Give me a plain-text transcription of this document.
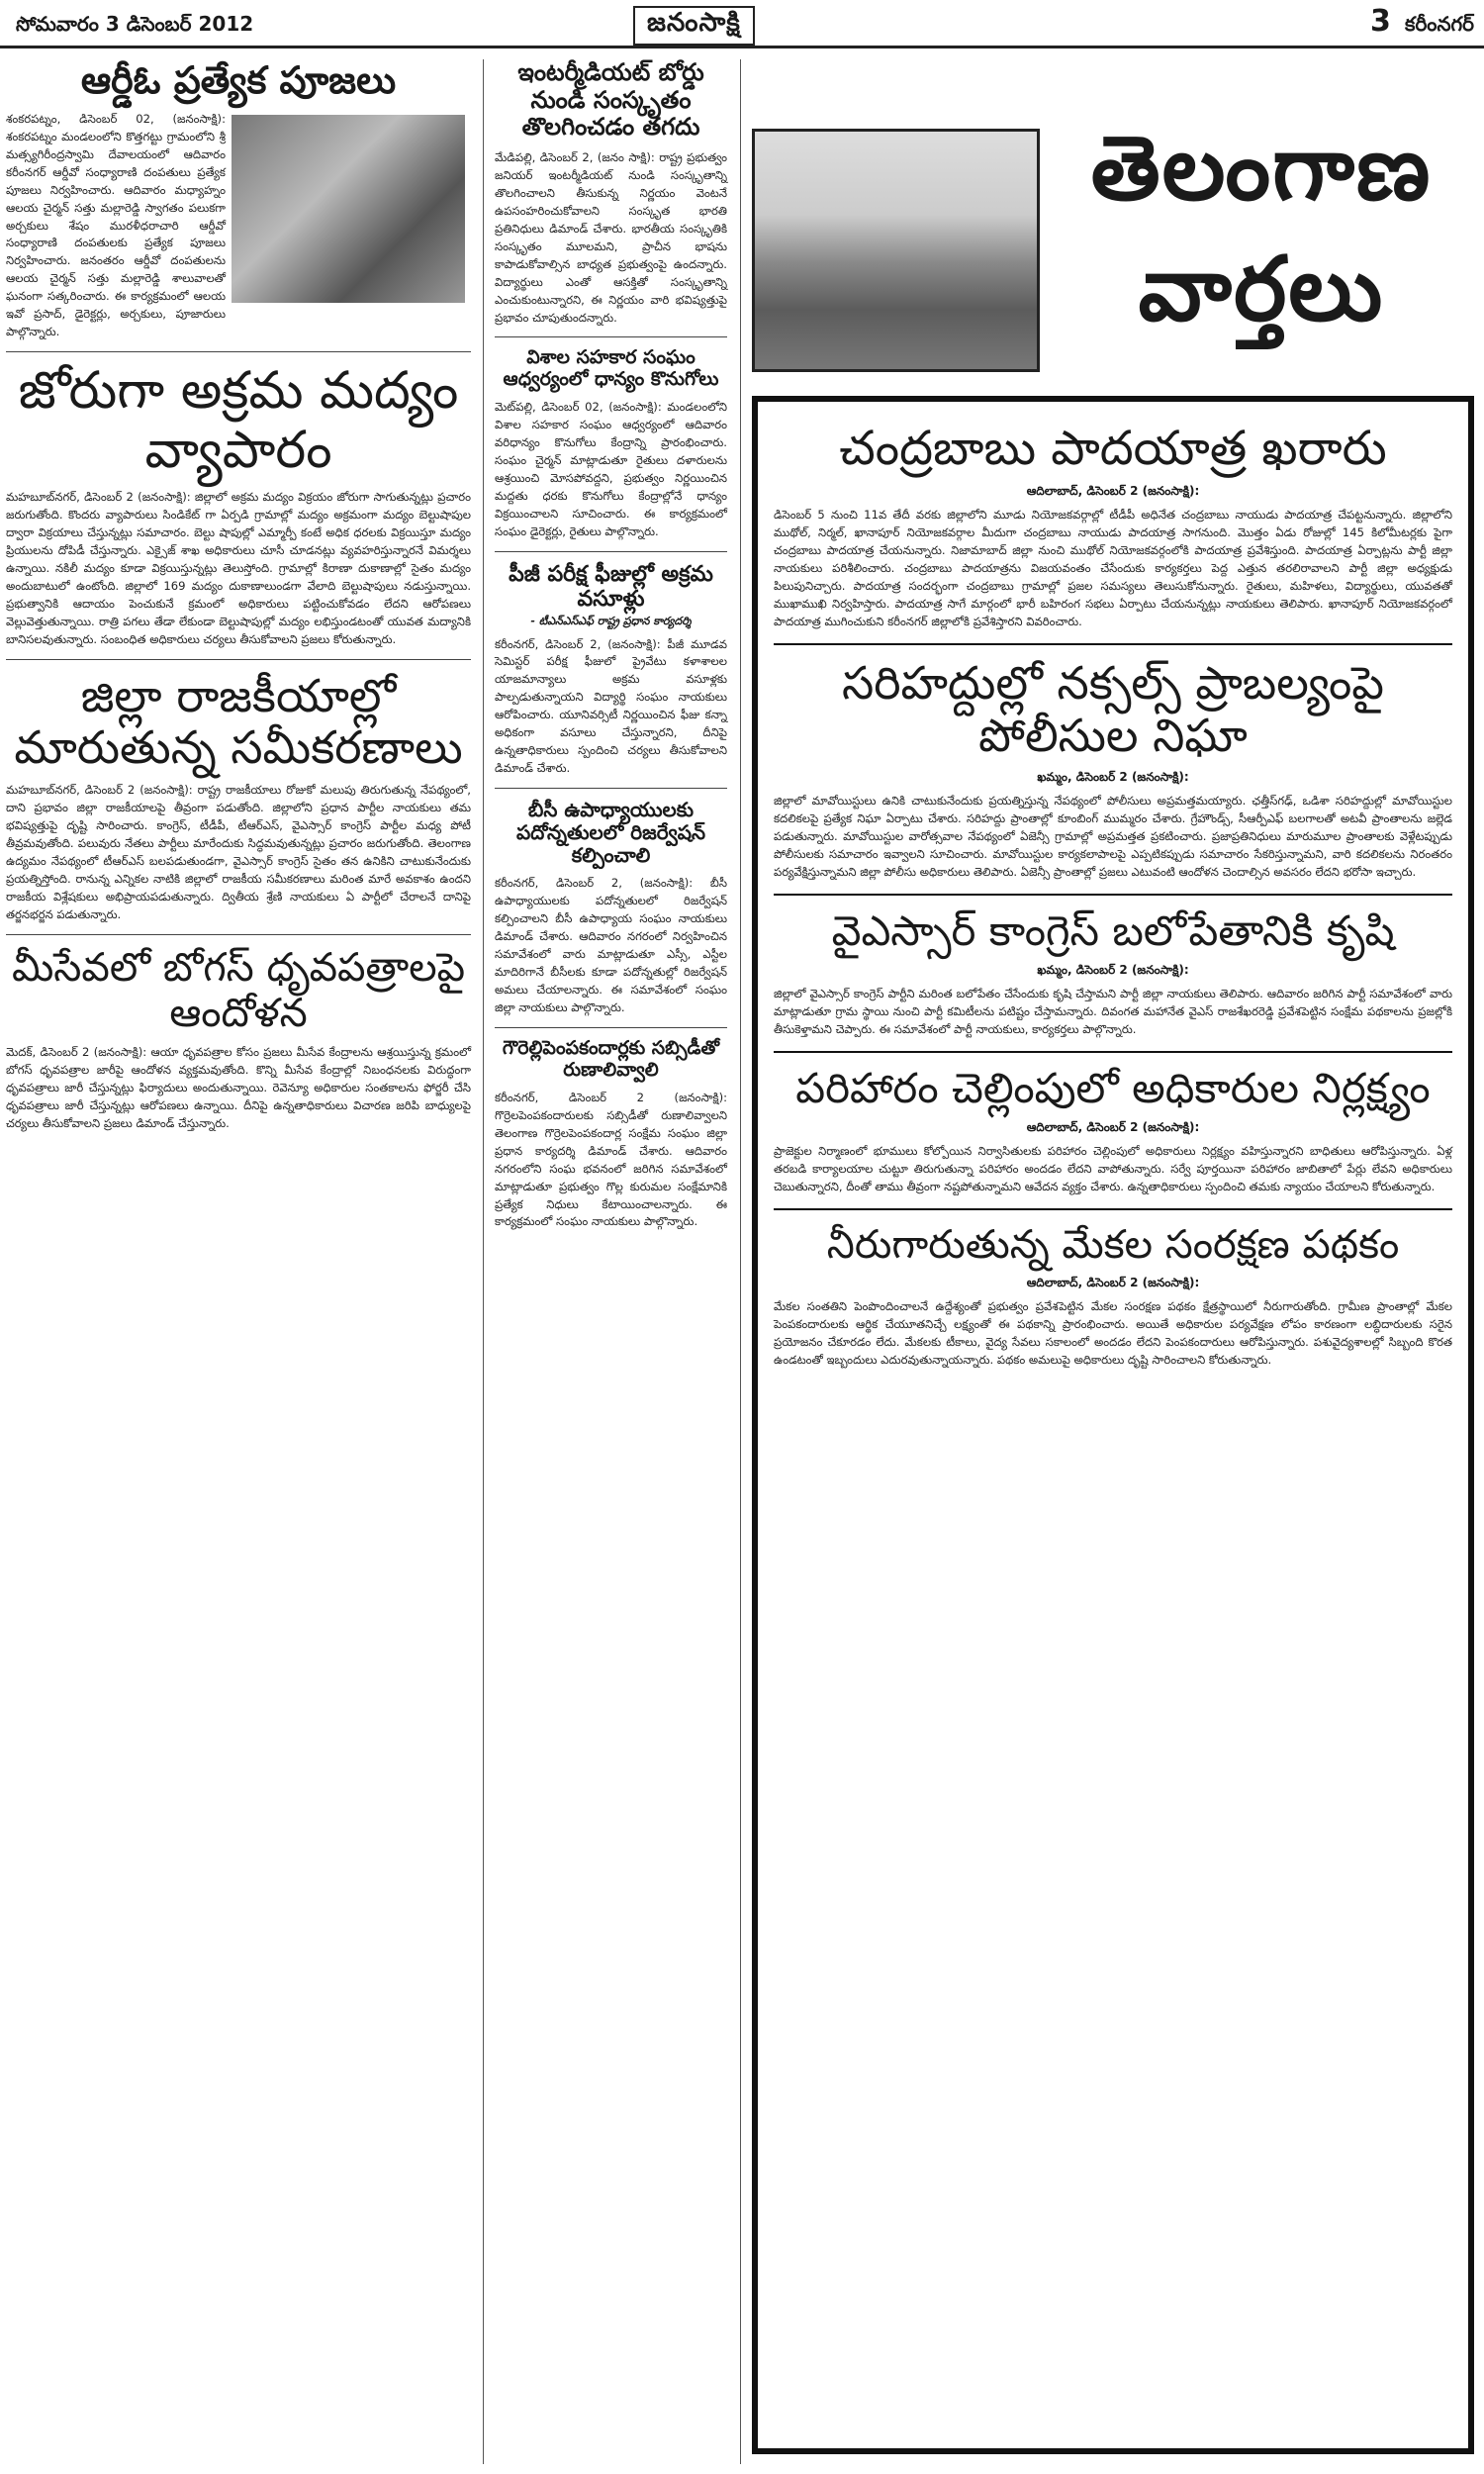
సోమవారం 3 డిసెంబర్ 2012	జనంసాక్షి	3 కరీంనగర్
ఆర్డీఓ ప్రత్యేక పూజలు

శంకరపట్నం, డిసెంబర్ 02, (జనంసాక్షి): శంకరపట్నం మండలంలోని కొత్తగట్టు గ్రామంలోని శ్రీ మత్స్యగిరీంద్రస్వామి దేవాలయంలో ఆదివారం కరీంనగర్ ఆర్డీవో సంధ్యారాణి దంపతులు ప్రత్యేక పూజలు నిర్వహించారు. ఆదివారం మధ్యాహ్నం ఆలయ చైర్మన్ సత్తు మల్లారెడ్డి స్వాగతం పలుకగా అర్చకులు శేషం మురళీధరాచారి ఆర్డీవో సంధ్యారాణి దంపతులకు ప్రత్యేక పూజలు నిర్వహించారు. జనంతరం ఆర్డీవో దంపతులను ఆలయ చైర్మన్ సత్తు మల్లారెడ్డి శాలువాలతో ఘనంగా సత్కరించారు. ఈ కార్యక్రమంలో ఆలయ ఇవో ప్రసాద్, డైరెక్టర్లు, అర్చకులు, పూజారులు పాల్గొన్నారు.

జోరుగా అక్రమ మద్యం వ్యాపారం

మహబూబ్‌నగర్, డిసెంబర్ 2 (జనంసాక్షి): జిల్లాలో అక్రమ మద్యం విక్రయం జోరుగా సాగుతున్నట్లు ప్రచారం జరుగుతోంది. కొందరు వ్యాపారులు సిండికేట్ గా ఏర్పడి గ్రామాల్లో మద్యం అక్రమంగా మద్యం బెల్టుషాపుల ద్వారా విక్రయాలు చేస్తున్నట్లు సమాచారం. బెల్టు షాపుల్లో ఎమ్మార్పీ కంటే అధిక ధరలకు విక్రయిస్తూ మద్యం ప్రియులను దోపిడీ చేస్తున్నారు. ఎక్సైజ్ శాఖ అధికారులు చూసీ చూడనట్లు వ్యవహరిస్తున్నారనే విమర్శలు ఉన్నాయి. నకిలీ మద్యం కూడా విక్రయిస్తున్నట్లు తెలుస్తోంది. గ్రామాల్లో కిరాణా దుకాణాల్లో సైతం మద్యం అందుబాటులో ఉంటోంది. జిల్లాలో 169 మద్యం దుకాణాలుండగా వేలాది బెల్టుషాపులు నడుస్తున్నాయి. ప్రభుత్వానికి ఆదాయం పెంచుకునే క్రమంలో అధికారులు పట్టించుకోవడం లేదని ఆరోపణలు వెల్లువెత్తుతున్నాయి. రాత్రి పగలు తేడా లేకుండా బెల్టుషాపుల్లో మద్యం లభిస్తుండటంతో యువత మద్యానికి బానిసలవుతున్నారు. సంబంధిత అధికారులు చర్యలు తీసుకోవాలని ప్రజలు కోరుతున్నారు.

జిల్లా రాజకీయాల్లో మారుతున్న సమీకరణాలు

మహబూబ్‌నగర్, డిసెంబర్ 2 (జనంసాక్షి): రాష్ట్ర రాజకీయాలు రోజుకో మలుపు తిరుగుతున్న నేపథ్యంలో, దాని ప్రభావం జిల్లా రాజకీయాలపై తీవ్రంగా పడుతోంది. జిల్లాలోని ప్రధాన పార్టీల నాయకులు తమ భవిష్యత్తుపై దృష్టి సారించారు. కాంగ్రెస్, టీడీపీ, టీఆర్‌ఎస్, వైఎస్సార్ కాంగ్రెస్ పార్టీల మధ్య పోటీ తీవ్రమవుతోంది. పలువురు నేతలు పార్టీలు మారేందుకు సిద్ధమవుతున్నట్లు ప్రచారం జరుగుతోంది. తెలంగాణ ఉద్యమం నేపథ్యంలో టీఆర్‌ఎస్ బలపడుతుండగా, వైఎస్సార్ కాంగ్రెస్ సైతం తన ఉనికిని చాటుకునేందుకు ప్రయత్నిస్తోంది. రానున్న ఎన్నికల నాటికి జిల్లాలో రాజకీయ సమీకరణాలు మరింత మారే అవకాశం ఉందని రాజకీయ విశ్లేషకులు అభిప్రాయపడుతున్నారు. ద్వితీయ శ్రేణి నాయకులు ఏ పార్టీలో చేరాలనే దానిపై తర్జనభర్జన పడుతున్నారు.

మీసేవలో బోగస్ ధృవపత్రాలపై ఆందోళన

మెదక్, డిసెంబర్ 2 (జనంసాక్షి): ఆయా ధృవపత్రాల కోసం ప్రజలు మీసేవ కేంద్రాలను ఆశ్రయిస్తున్న క్రమంలో బోగస్ ధృవపత్రాల జారీపై ఆందోళన వ్యక్తమవుతోంది. కొన్ని మీసేవ కేంద్రాల్లో నిబంధనలకు విరుద్ధంగా ధృవపత్రాలు జారీ చేస్తున్నట్లు ఫిర్యాదులు అందుతున్నాయి. రెవెన్యూ అధికారుల సంతకాలను ఫోర్జరీ చేసి ధృవపత్రాలు జారీ చేస్తున్నట్లు ఆరోపణలు ఉన్నాయి. దీనిపై ఉన్నతాధికారులు విచారణ జరిపి బాధ్యులపై చర్యలు తీసుకోవాలని ప్రజలు డిమాండ్ చేస్తున్నారు.

ఇంటర్మీడియట్ బోర్డు నుండి సంస్కృతం తొలగించడం తగదు

మేడిపల్లి, డిసెంబర్ 2, (జనం సాక్షి): రాష్ట్ర ప్రభుత్వం జనియర్ ఇంటర్మీడియట్ నుండి సంస్కృతాన్ని తొలగించాలని తీసుకున్న నిర్ణయం వెంటనే ఉపసంహరించుకోవాలని సంస్కృత భారతి ప్రతినిధులు డిమాండ్ చేశారు. భారతీయ సంస్కృతికి సంస్కృతం మూలమని, ప్రాచీన భాషను కాపాడుకోవాల్సిన బాధ్యత ప్రభుత్వంపై ఉందన్నారు. విద్యార్థులు ఎంతో ఆసక్తితో సంస్కృతాన్ని ఎంచుకుంటున్నారని, ఈ నిర్ణయం వారి భవిష్యత్తుపై ప్రభావం చూపుతుందన్నారు.

విశాల సహకార సంఘం ఆధ్వర్యంలో ధాన్యం కొనుగోలు

మెట్‌పల్లి, డిసెంబర్ 02, (జనంసాక్షి): మండలంలోని విశాల సహకార సంఘం ఆధ్వర్యంలో ఆదివారం వరిధాన్యం కొనుగోలు కేంద్రాన్ని ప్రారంభించారు. సంఘం చైర్మన్ మాట్లాడుతూ రైతులు దళారులను ఆశ్రయించి మోసపోవద్దని, ప్రభుత్వం నిర్ణయించిన మద్దతు ధరకు కొనుగోలు కేంద్రాల్లోనే ధాన్యం విక్రయించాలని సూచించారు. ఈ కార్యక్రమంలో సంఘం డైరెక్టర్లు, రైతులు పాల్గొన్నారు.

పీజీ పరీక్ష ఫీజుల్లో అక్రమ వసూళ్లు
- టీఎన్‌ఎస్‌ఎఫ్ రాష్ట్ర ప్రధాన కార్యదర్శి

కరీంనగర్, డిసెంబర్ 2, (జనంసాక్షి): పీజీ మూడవ సెమిస్టర్ పరీక్ష ఫీజులో ప్రైవేటు కళాశాలల యాజమాన్యాలు అక్రమ వసూళ్లకు పాల్పడుతున్నాయని విద్యార్థి సంఘం నాయకులు ఆరోపించారు. యూనివర్సిటీ నిర్ణయించిన ఫీజు కన్నా అధికంగా వసూలు చేస్తున్నారని, దీనిపై ఉన్నతాధికారులు స్పందించి చర్యలు తీసుకోవాలని డిమాండ్ చేశారు.

బీసీ ఉపాధ్యాయులకు పదోన్నతులలో రిజర్వేషన్ కల్పించాలి

కరీంనగర్, డిసెంబర్ 2, (జనంసాక్షి): బీసీ ఉపాధ్యాయులకు పదోన్నతులలో రిజర్వేషన్ కల్పించాలని బీసీ ఉపాధ్యాయ సంఘం నాయకులు డిమాండ్ చేశారు. ఆదివారం నగరంలో నిర్వహించిన సమావేశంలో వారు మాట్లాడుతూ ఎస్సీ, ఎస్టీల మాదిరిగానే బీసీలకు కూడా పదోన్నతుల్లో రిజర్వేషన్ అమలు చేయాలన్నారు. ఈ సమావేశంలో సంఘం జిల్లా నాయకులు పాల్గొన్నారు.

గౌరెల్లిపెంపకందార్లకు సబ్సిడీతో రుణాలివ్వాలి

కరీంనగర్, డిసెంబర్ 2 (జనంసాక్షి): గొర్రెలపెంపకందారులకు సబ్సిడీతో రుణాలివ్వాలని తెలంగాణ గొర్రెలపెంపకందార్ల సంక్షేమ సంఘం జిల్లా ప్రధాన కార్యదర్శి డిమాండ్ చేశారు. ఆదివారం నగరంలోని సంఘ భవనంలో జరిగిన సమావేశంలో మాట్లాడుతూ ప్రభుత్వం గొల్ల కురుమల సంక్షేమానికి ప్రత్యేక నిధులు కేటాయించాలన్నారు. ఈ కార్యక్రమంలో సంఘం నాయకులు పాల్గొన్నారు.

తెలంగాణ వార్తలు
చంద్రబాబు పాదయాత్ర ఖరారు
ఆదిలాబాద్, డిసెంబర్ 2 (జనంసాక్షి):

డిసెంబర్ 5 నుంచి 11వ తేదీ వరకు జిల్లాలోని మూడు నియోజకవర్గాల్లో టీడీపీ అధినేత చంద్రబాబు నాయుడు పాదయాత్ర చేపట్టనున్నారు. జిల్లాలోని ముథోల్, నిర్మల్, ఖానాపూర్ నియోజకవర్గాల మీదుగా చంద్రబాబు నాయుడు పాదయాత్ర సాగనుంది. మొత్తం ఏడు రోజుల్లో 145 కిలోమీటర్లకు పైగా చంద్రబాబు పాదయాత్ర చేయనున్నారు. నిజామాబాద్ జిల్లా నుంచి ముథోల్ నియోజకవర్గంలోకి పాదయాత్ర ప్రవేశిస్తుంది. పాదయాత్ర ఏర్పాట్లను పార్టీ జిల్లా నాయకులు పరిశీలించారు. చంద్రబాబు పాదయాత్రను విజయవంతం చేసేందుకు కార్యకర్తలు పెద్ద ఎత్తున తరలిరావాలని పార్టీ జిల్లా అధ్యక్షుడు పిలుపునిచ్చారు. పాదయాత్ర సందర్భంగా చంద్రబాబు గ్రామాల్లో ప్రజల సమస్యలు తెలుసుకోనున్నారు. రైతులు, మహిళలు, విద్యార్థులు, యువతతో ముఖాముఖి నిర్వహిస్తారు. పాదయాత్ర సాగే మార్గంలో భారీ బహిరంగ సభలు ఏర్పాటు చేయనున్నట్లు నాయకులు తెలిపారు. ఖానాపూర్ నియోజకవర్గంలో పాదయాత్ర ముగించుకుని కరీంనగర్ జిల్లాలోకి ప్రవేశిస్తారని వివరించారు.

సరిహద్దుల్లో నక్సల్స్ ప్రాబల్యంపై పోలీసుల నిఘా
ఖమ్మం, డిసెంబర్ 2 (జనంసాక్షి):

జిల్లాలో మావోయిస్టులు ఉనికి చాటుకునేందుకు ప్రయత్నిస్తున్న నేపథ్యంలో పోలీసులు అప్రమత్తమయ్యారు. ఛత్తీస్‌గఢ్, ఒడిశా సరిహద్దుల్లో మావోయిస్టుల కదలికలపై ప్రత్యేక నిఘా ఏర్పాటు చేశారు. సరిహద్దు ప్రాంతాల్లో కూంబింగ్ ముమ్మరం చేశారు. గ్రేహౌండ్స్, సీఆర్పీఎఫ్ బలగాలతో అటవీ ప్రాంతాలను జల్లెడ పడుతున్నారు. మావోయిస్టుల వారోత్సవాల నేపథ్యంలో ఏజెన్సీ గ్రామాల్లో అప్రమత్తత ప్రకటించారు. ప్రజాప్రతినిధులు మారుమూల ప్రాంతాలకు వెళ్లేటప్పుడు పోలీసులకు సమాచారం ఇవ్వాలని సూచించారు. మావోయిస్టుల కార్యకలాపాలపై ఎప్పటికప్పుడు సమాచారం సేకరిస్తున్నామని, వారి కదలికలను నిరంతరం పర్యవేక్షిస్తున్నామని జిల్లా పోలీసు అధికారులు తెలిపారు. ఏజెన్సీ ప్రాంతాల్లో ప్రజలు ఎటువంటి ఆందోళన చెందాల్సిన అవసరం లేదని భరోసా ఇచ్చారు.

వైఎస్సార్ కాంగ్రెస్ బలోపేతానికి కృషి
ఖమ్మం, డిసెంబర్ 2 (జనంసాక్షి):

జిల్లాలో వైఎస్సార్ కాంగ్రెస్ పార్టీని మరింత బలోపేతం చేసేందుకు కృషి చేస్తామని పార్టీ జిల్లా నాయకులు తెలిపారు. ఆదివారం జరిగిన పార్టీ సమావేశంలో వారు మాట్లాడుతూ గ్రామ స్థాయి నుంచి పార్టీ కమిటీలను పటిష్టం చేస్తామన్నారు. దివంగత మహానేత వైఎస్ రాజశేఖరరెడ్డి ప్రవేశపెట్టిన సంక్షేమ పథకాలను ప్రజల్లోకి తీసుకెళ్తామని చెప్పారు. ఈ సమావేశంలో పార్టీ నాయకులు, కార్యకర్తలు పాల్గొన్నారు.

పరిహారం చెల్లింపులో అధికారుల నిర్లక్ష్యం
ఆదిలాబాద్, డిసెంబర్ 2 (జనంసాక్షి):

ప్రాజెక్టుల నిర్మాణంలో భూములు కోల్పోయిన నిర్వాసితులకు పరిహారం చెల్లింపులో అధికారులు నిర్లక్ష్యం వహిస్తున్నారని బాధితులు ఆరోపిస్తున్నారు. ఏళ్ల తరబడి కార్యాలయాల చుట్టూ తిరుగుతున్నా పరిహారం అందడం లేదని వాపోతున్నారు. సర్వే పూర్తయినా పరిహారం జాబితాలో పేర్లు లేవని అధికారులు చెబుతున్నారని, దీంతో తాము తీవ్రంగా నష్టపోతున్నామని ఆవేదన వ్యక్తం చేశారు. ఉన్నతాధికారులు స్పందించి తమకు న్యాయం చేయాలని కోరుతున్నారు.

నీరుగారుతున్న మేకల సంరక్షణ పథకం
ఆదిలాబాద్, డిసెంబర్ 2 (జనంసాక్షి):

మేకల సంతతిని పెంపొందించాలనే ఉద్దేశ్యంతో ప్రభుత్వం ప్రవేశపెట్టిన మేకల సంరక్షణ పథకం క్షేత్రస్థాయిలో నీరుగారుతోంది. గ్రామీణ ప్రాంతాల్లో మేకల పెంపకందారులకు ఆర్థిక చేయూతనిచ్చే లక్ష్యంతో ఈ పథకాన్ని ప్రారంభించారు. అయితే అధికారుల పర్యవేక్షణ లోపం కారణంగా లబ్ధిదారులకు సరైన ప్రయోజనం చేకూరడం లేదు. మేకలకు టీకాలు, వైద్య సేవలు సకాలంలో అందడం లేదని పెంపకందారులు ఆరోపిస్తున్నారు. పశువైద్యశాలల్లో సిబ్బంది కొరత ఉండటంతో ఇబ్బందులు ఎదురవుతున్నాయన్నారు. పథకం అమలుపై అధికారులు దృష్టి సారించాలని కోరుతున్నారు.
